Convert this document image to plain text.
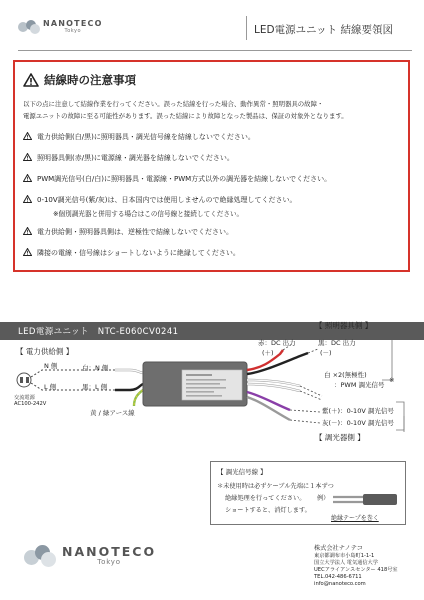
NANOTECO
Tokyo	LED電源ユニット 結線要領図
結線時の注意事項
以下の点に注意して結線作業を行ってください。誤った結線を行った場合、動作異常・照明器具の故障・
電源ユニットの故障に至る可能性があります。誤った結線により故障となった製品は、保証の対象外となります。
電力供給側(白/黒)に照明器具・調光信号線を結線しないでください。
照明器具側(赤/黒)に電源線・調光器を結線しないでください。
PWM調光信号(白/白)に照明器具・電源線・PWM方式以外の調光器を結線しないでください。
0-10V調光信号(紫/灰)は、日本国内では使用しませんので絶縁処理してください。
※個別調光器と併用する場合はこの信号線と接続してください。
電力供給側・照明器具側は、逆極性で結線しないでください。
隣接の電線・信号線はショートしないように絶縁してください。
LED電源ユニット　NTC-E060CV0241
【 照明器具側 】
【 電力供給側 】
赤：DC 出力
(＋)
黒：DC 出力
(－)
N 側	白：N 側
L 側	黒：L 側
交流電源
AC100-242V
黄 / 緑アース線
白 ×2(無極性)
：PWM 調光信号
※
紫(＋)：0-10V 調光信号
灰(－)：0-10V 調光信号
【 調光器側 】
【 調光信号線 】
＊未使用時は必ずケーブル先端に１本ずつ
絶縁処理を行ってください。
ショートすると、消灯します。
例）
絶縁テープを巻く
NANOTECO
Tokyo
株式会社ナノテコ
東京都調布市小島町1-1-1
国立大学法人 電気通信大学
UECアライアンスセンター 418号室
TEL.042-486-6711
info@nanoteco.com
